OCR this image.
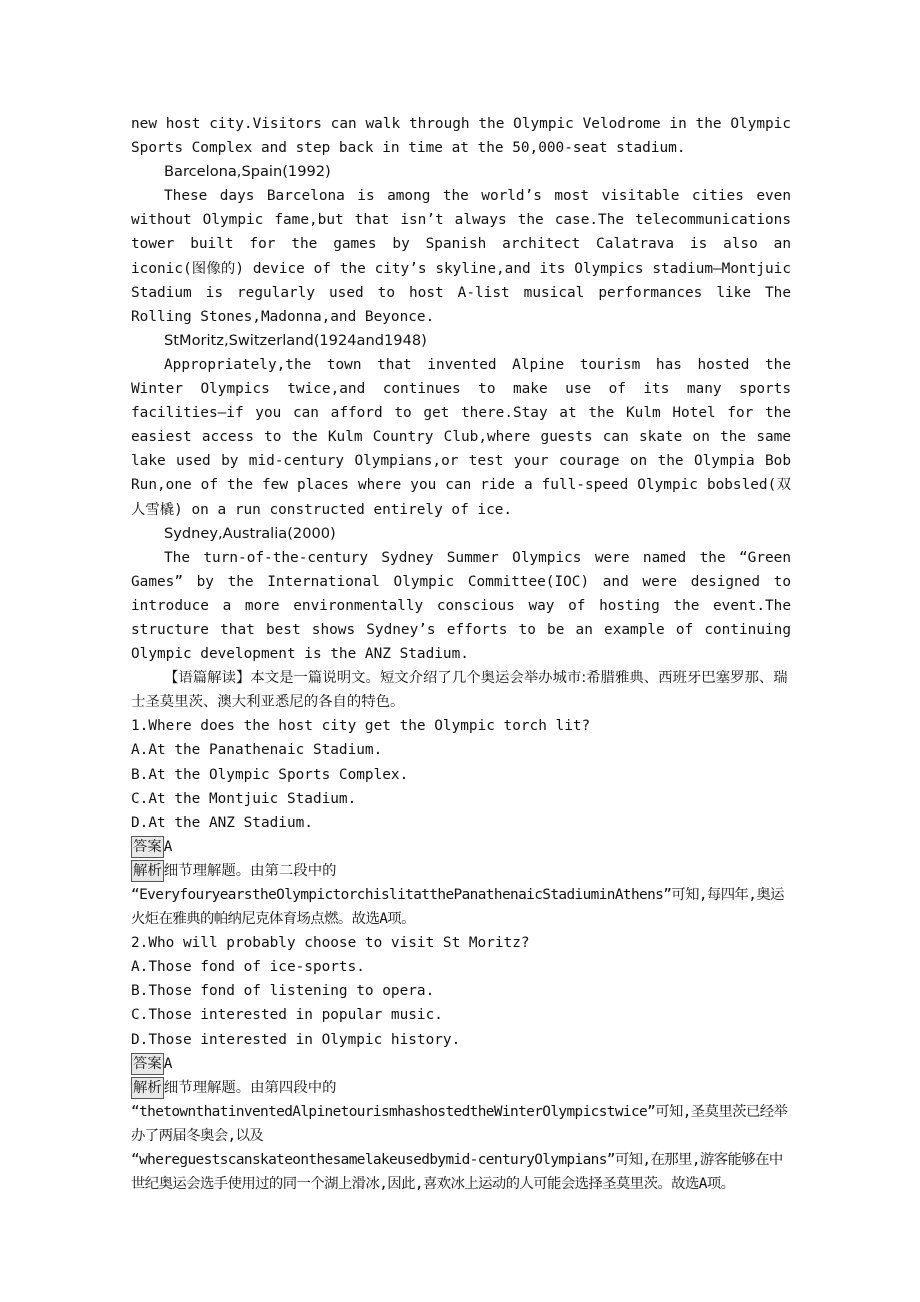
new host city.Visitors can walk through the Olympic Velodrome in the Olympic Sports Complex and step back in time at the 50,000-seat stadium.

Barcelona,Spain(1992)

These days Barcelona is among the world’s most visitable cities even without Olympic fame,but that isn’t always the case.The telecommunications tower built for the games by Spanish architect Calatrava is also an iconic(图像的) device of the city’s skyline,and its Olympics stadium—Montjuic Stadium is regularly used to host A-list musical performances like The Rolling Stones,Madonna,and Beyonce.

StMoritz,Switzerland(1924and1948)

Appropriately,the town that invented Alpine tourism has hosted the Winter Olympics twice,and continues to make use of its many sports facilities—if you can afford to get there.Stay at the Kulm Hotel for the easiest access to the Kulm Country Club,where guests can skate on the same lake used by mid-century Olympians,or test your courage on the Olympia Bob Run,one of the few places where you can ride a full-speed Olympic bobsled(双人雪橇) on a run constructed entirely of ice.

Sydney,Australia(2000)

The turn-of-the-century Sydney Summer Olympics were named the “Green Games” by the International Olympic Committee(IOC) and were designed to introduce a more environmentally conscious way of hosting the event.The structure that best shows Sydney’s efforts to be an example of continuing Olympic development is the ANZ Stadium.

【语篇解读】本文是一篇说明文。短文介绍了几个奥运会举办城市:希腊雅典、西班牙巴塞罗那、瑞士圣莫里茨、澳大利亚悉尼的各自的特色。

1.Where does the host city get the Olympic torch lit?

A.At the Panathenaic Stadium.

B.At the Olympic Sports Complex.

C.At the Montjuic Stadium.

D.At the ANZ Stadium.

答案 A

解析 细节理解题。由第二段中的

“EveryfouryearstheOlympictorchislitatthePanathenaicStadiuminAthens”可知,每四年,奥运火炬在雅典的帕纳尼克体育场点燃。故选A项。

2.Who will probably choose to visit St Moritz?

A.Those fond of ice-sports.

B.Those fond of listening to opera.

C.Those interested in popular music.

D.Those interested in Olympic history.

答案 A

解析 细节理解题。由第四段中的

“thetownthatinventedAlpinetourismhashostedtheWinterOlympicstwice”可知,圣莫里茨已经举办了两届冬奥会,以及

“whereguestscanskateonthesamelakeusedbymid-centuryOlympians”可知,在那里,游客能够在中世纪奥运会选手使用过的同一个湖上滑冰,因此,喜欢冰上运动的人可能会选择圣莫里茨。故选A项。
